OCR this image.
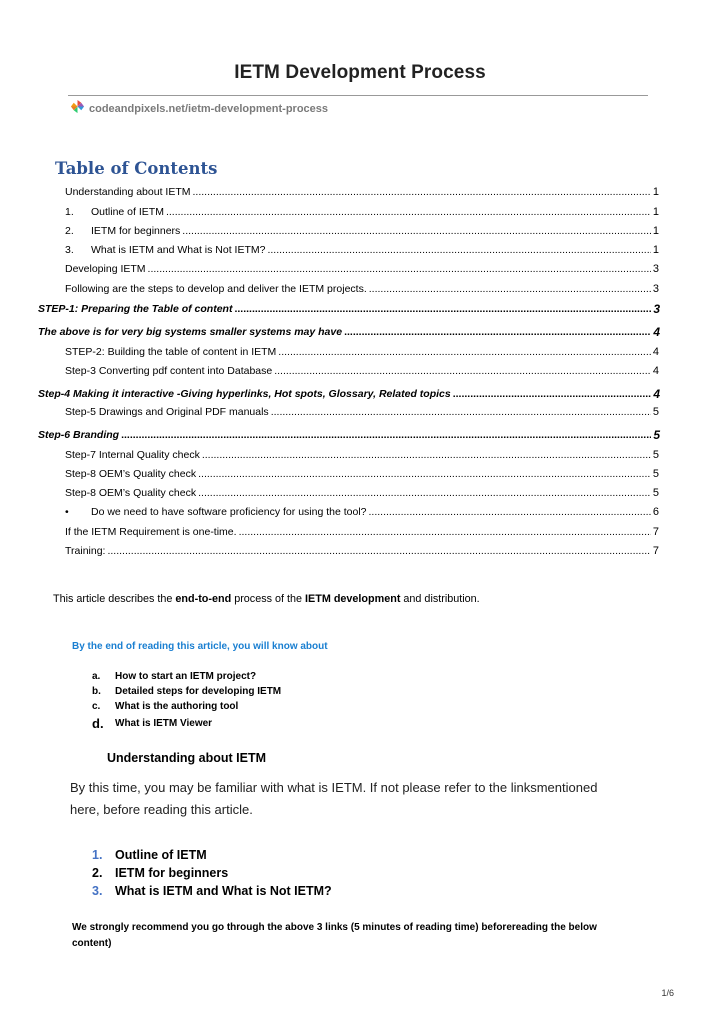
IETM Development Process
codeandpixels.net/ietm-development-process
Table of Contents
Understanding about IETM .....	1
1.	Outline of IETM .....	1
2.	IETM for beginners .....	1
3.	What is IETM and What is Not IETM? .....	1
Developing IETM .....	3
Following are the steps to develop and deliver the IETM projects. .....	3
STEP-1: Preparing the Table of content .....	3
The above is for very big systems smaller systems may have .....	4
STEP-2: Building the table of content in IETM .....	4
Step-3 Converting pdf content into Database .....	4
Step-4 Making it interactive -Giving hyperlinks, Hot spots, Glossary, Related topics .....	4
Step-5 Drawings and Original PDF manuals .....	5
Step-6 Branding .....	5
Step-7 Internal Quality check .....	5
Step-8 OEM’s Quality check .....	5
Step-8 OEM’s Quality check .....	5
•	Do we need to have software proficiency for using the tool? .....	6
If the IETM Requirement is one-time. .....	7
Training: .....	7
This article describes the end-to-end process of the IETM development and distribution.
By the end of reading this article, you will know about
a.	How to start an IETM project?
b.	Detailed steps for developing IETM
c.	What is the authoring tool
d.	What is IETM Viewer
Understanding about IETM
By this time, you may be familiar with what is IETM. If not please refer to the linksmentioned here, before reading this article.
1.	Outline of IETM
2.	IETM for beginners
3.	What is IETM and What is Not IETM?
We strongly recommend you go through the above 3 links (5 minutes of reading time) beforereading the below content)
1/6
